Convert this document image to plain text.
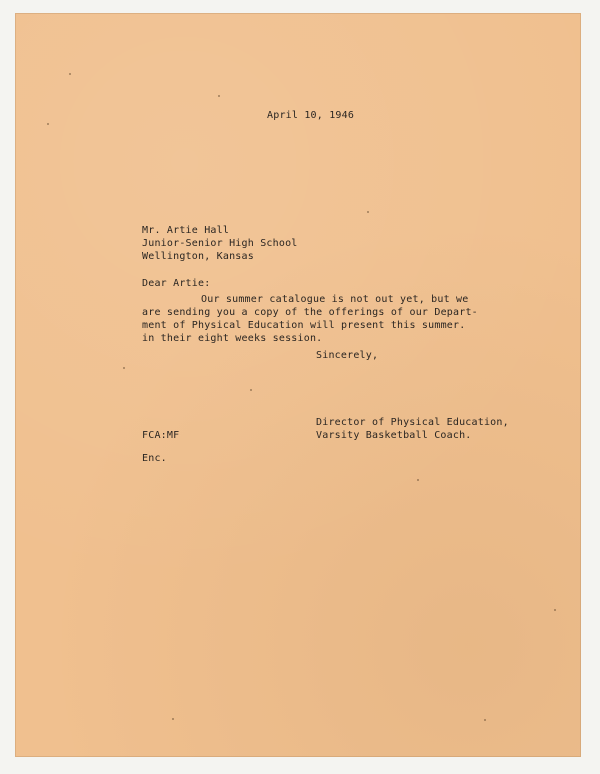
April 10, 1946
Mr. Artie Hall
Junior-Senior High School
Wellington, Kansas
Dear Artie:
Our summer catalogue is not out yet, but we
are sending you a copy of the offerings of our Depart-
ment of Physical Education will present this summer.
in their eight weeks session.
Sincerely,
Director of Physical Education,
Varsity Basketball Coach.
FCA:MF
Enc.
